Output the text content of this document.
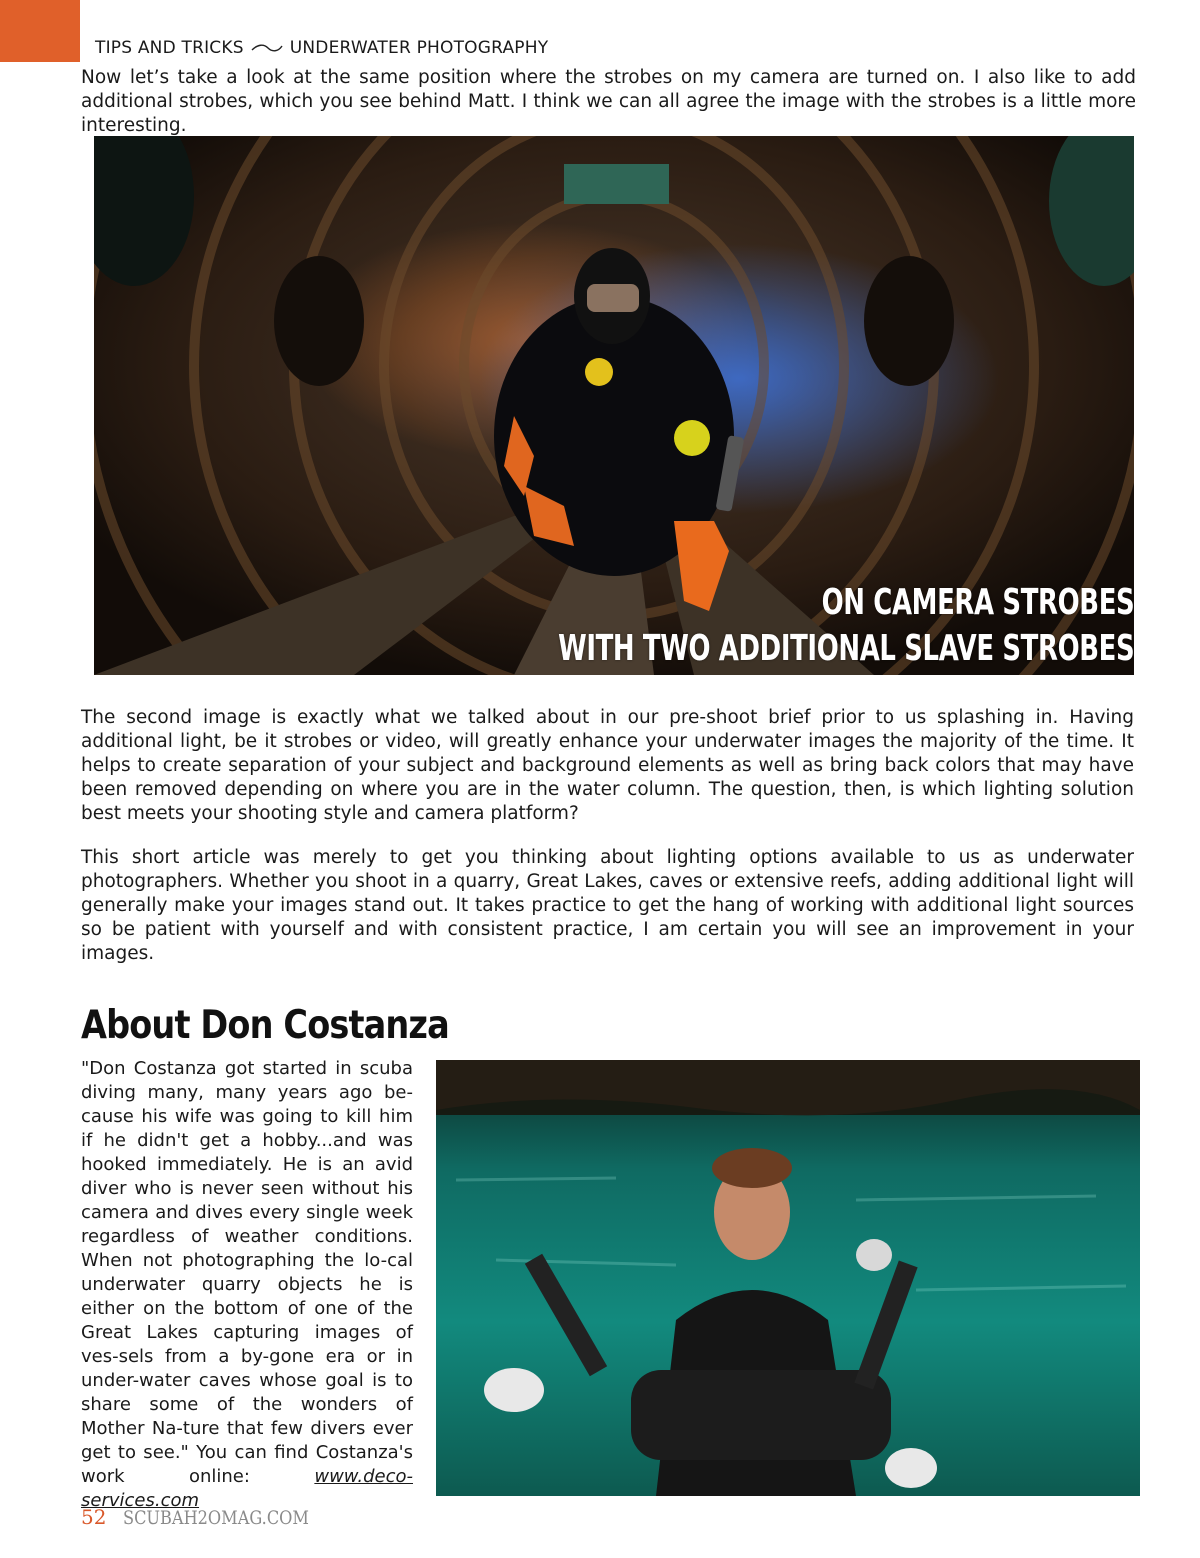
TIPS AND TRICKS	UNDERWATER PHOTOGRAPHY

Now let’s take a look at the same position where the strobes on my camera are turned on. I also like to add additional strobes, which you see behind Matt. I think we can all agree the image with the strobes is a little more interesting.

ON CAMERA STROBES
WITH TWO ADDITIONAL SLAVE STROBES

The second image is exactly what we talked about in our pre-shoot brief prior to us splashing in. Having additional light, be it strobes or video, will greatly enhance your underwater images the majority of the time. It helps to create separation of your subject and background elements as well as bring back colors that may have been removed depending on where you are in the water column. The question, then, is which lighting solution best meets your shooting style and camera platform?

This short article was merely to get you thinking about lighting options available to us as underwater photographers. Whether you shoot in a quarry, Great Lakes, caves or extensive reefs, adding additional light will generally make your images stand out. It takes practice to get the hang of working with additional light sources so be patient with yourself and with consistent practice, I am certain you will see an improvement in your images.

About Don Costanza

"Don Costanza got started in scuba diving many, many years ago be-cause his wife was going to kill him if he didn't get a hobby...and was hooked immediately. He is an avid diver who is never seen without his camera and dives every single week regardless of weather conditions. When not photographing the lo-cal underwater quarry objects he is either on the bottom of one of the Great Lakes capturing images of ves-sels from a by-gone era or in under-water caves whose goal is to share some of the wonders of Mother Na-ture that few divers ever get to see." You can find Costanza's work online:	www.deco-services.com

52 SCUBAH2OMAG.COM
